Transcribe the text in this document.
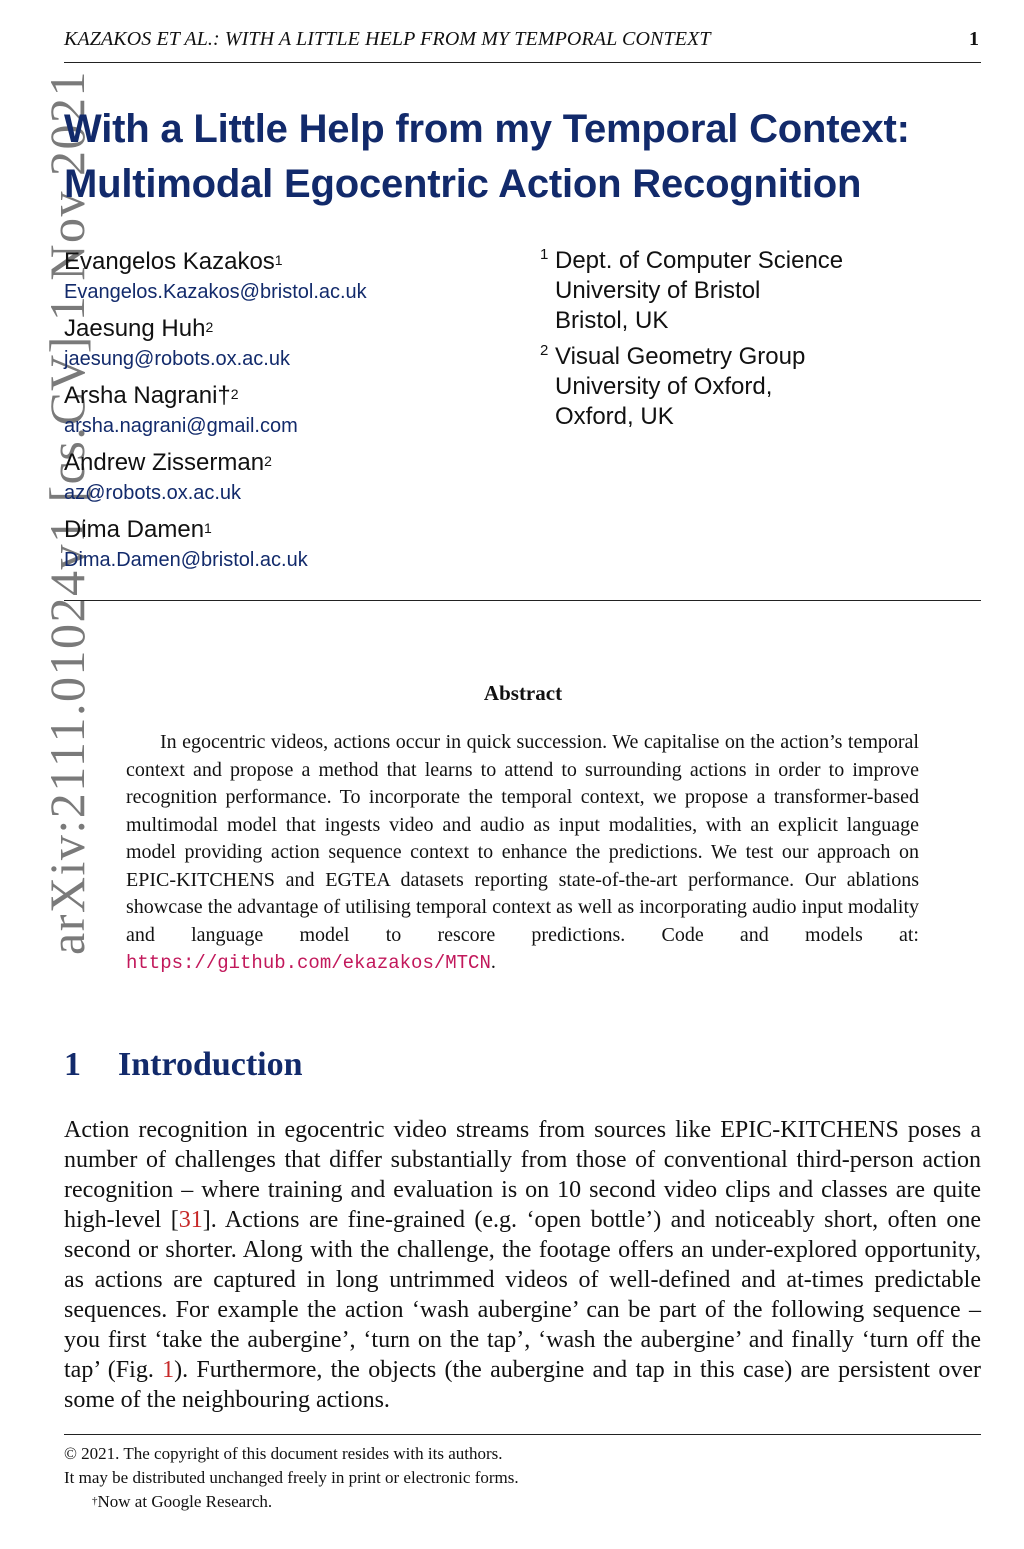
KAZAKOS ET AL.: WITH A LITTLE HELP FROM MY TEMPORAL CONTEXT	1
arXiv:2111.01024v1 [cs.CV] 1 Nov 2021
With a Little Help from my Temporal Context:
Multimodal Egocentric Action Recognition
Evangelos Kazakos$^1$
Evangelos.Kazakos@bristol.ac.uk
Jaesung Huh$^2$
jaesung@robots.ox.ac.uk
Arsha Nagrani†$^2$
arsha.nagrani@gmail.com
Andrew Zisserman$^2$
az@robots.ox.ac.uk
Dima Damen$^1$
Dima.Damen@bristol.ac.uk
1 Dept. of Computer Science
University of Bristol
Bristol, UK
2 Visual Geometry Group
University of Oxford,
Oxford, UK
Abstract

In egocentric videos, actions occur in quick succession. We capitalise on the action’s temporal context and propose a method that learns to attend to surrounding actions in order to improve recognition performance. To incorporate the temporal context, we propose a transformer-based multimodal model that ingests video and audio as input modalities, with an explicit language model providing action sequence context to enhance the predictions. We test our approach on EPIC-KITCHENS and EGTEA datasets reporting state-of-the-art performance. Our ablations showcase the advantage of utilising temporal context as well as incorporating audio input modality and language model to rescore predictions. Code and models at: https://github.com/ekazakos/MTCN.

1 Introduction

Action recognition in egocentric video streams from sources like EPIC-KITCHENS poses a number of challenges that differ substantially from those of conventional third-person action recognition – where training and evaluation is on 10 second video clips and classes are quite high-level [31]. Actions are fine-grained (e.g. ‘open bottle’) and noticeably short, often one second or shorter. Along with the challenge, the footage offers an under-explored opportunity, as actions are captured in long untrimmed videos of well-defined and at-times predictable sequences. For example the action ‘wash aubergine’ can be part of the following sequence – you first ‘take the aubergine’, ‘turn on the tap’, ‘wash the aubergine’ and finally ‘turn off the tap’ (Fig. 1). Furthermore, the objects (the aubergine and tap in this case) are persistent over some of the neighbouring actions.

© 2021. The copyright of this document resides with its authors.
It may be distributed unchanged freely in print or electronic forms.
†Now at Google Research.
